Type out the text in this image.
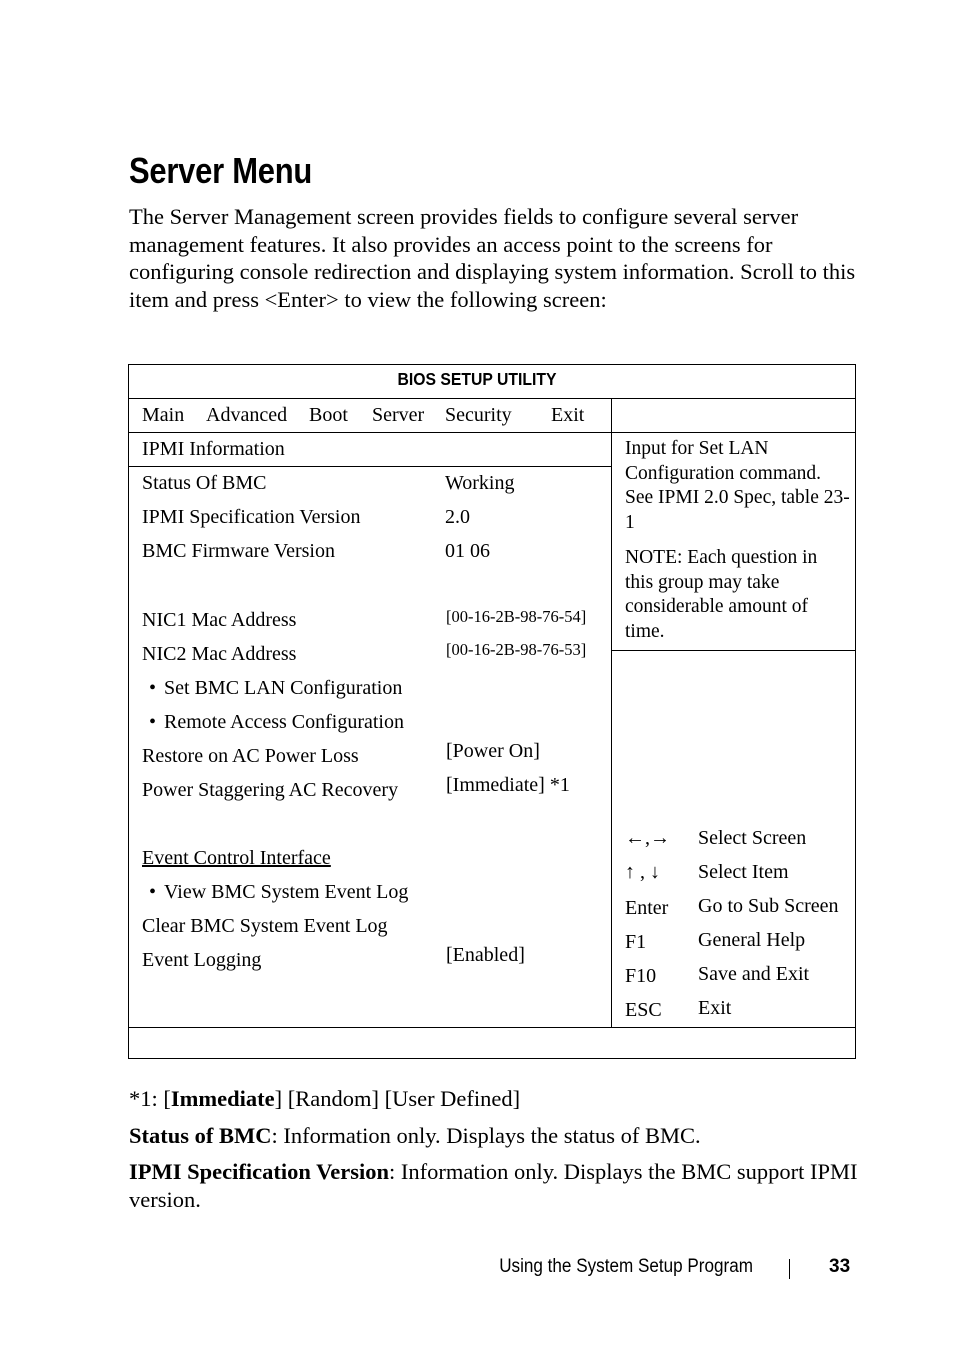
Server Menu

The Server Management screen provides fields to configure several server management features. It also provides an access point to the screens for configuring console redirection and displaying system information. Scroll to this item and press <Enter> to view the following screen:

BIOS SETUP UTILITY
Main Advanced Boot Server Security Exit
IPMI Information
Status Of BMC	Working
IPMI Specification Version	2.0
BMC Firmware Version	01 06
NIC1 Mac Address	[00-16-2B-98-76-54]
NIC2 Mac Address	[00-16-2B-98-76-53]
• Set BMC LAN Configuration
• Remote Access Configuration
Restore on AC Power Loss	[Power On]
Power Staggering AC Recovery [Immediate] *1
Event Control Interface
• View BMC System Event Log
Clear BMC System Event Log
Event Logging	[Enabled]
Input for Set LAN Configuration command. See IPMI 2.0 Spec, table 23-1
NOTE: Each question in this group may take considerable amount of time.
←,→ Select Screen
↑ , ↓ Select Item
Enter Go to Sub Screen
F1	General Help
F10 Save and Exit
ESC Exit

*1: [Immediate] [Random] [User Defined]

Status of BMC: Information only. Displays the status of BMC.

IPMI Specification Version: Information only. Displays the BMC support IPMI version.

Using the System Setup Program	33
